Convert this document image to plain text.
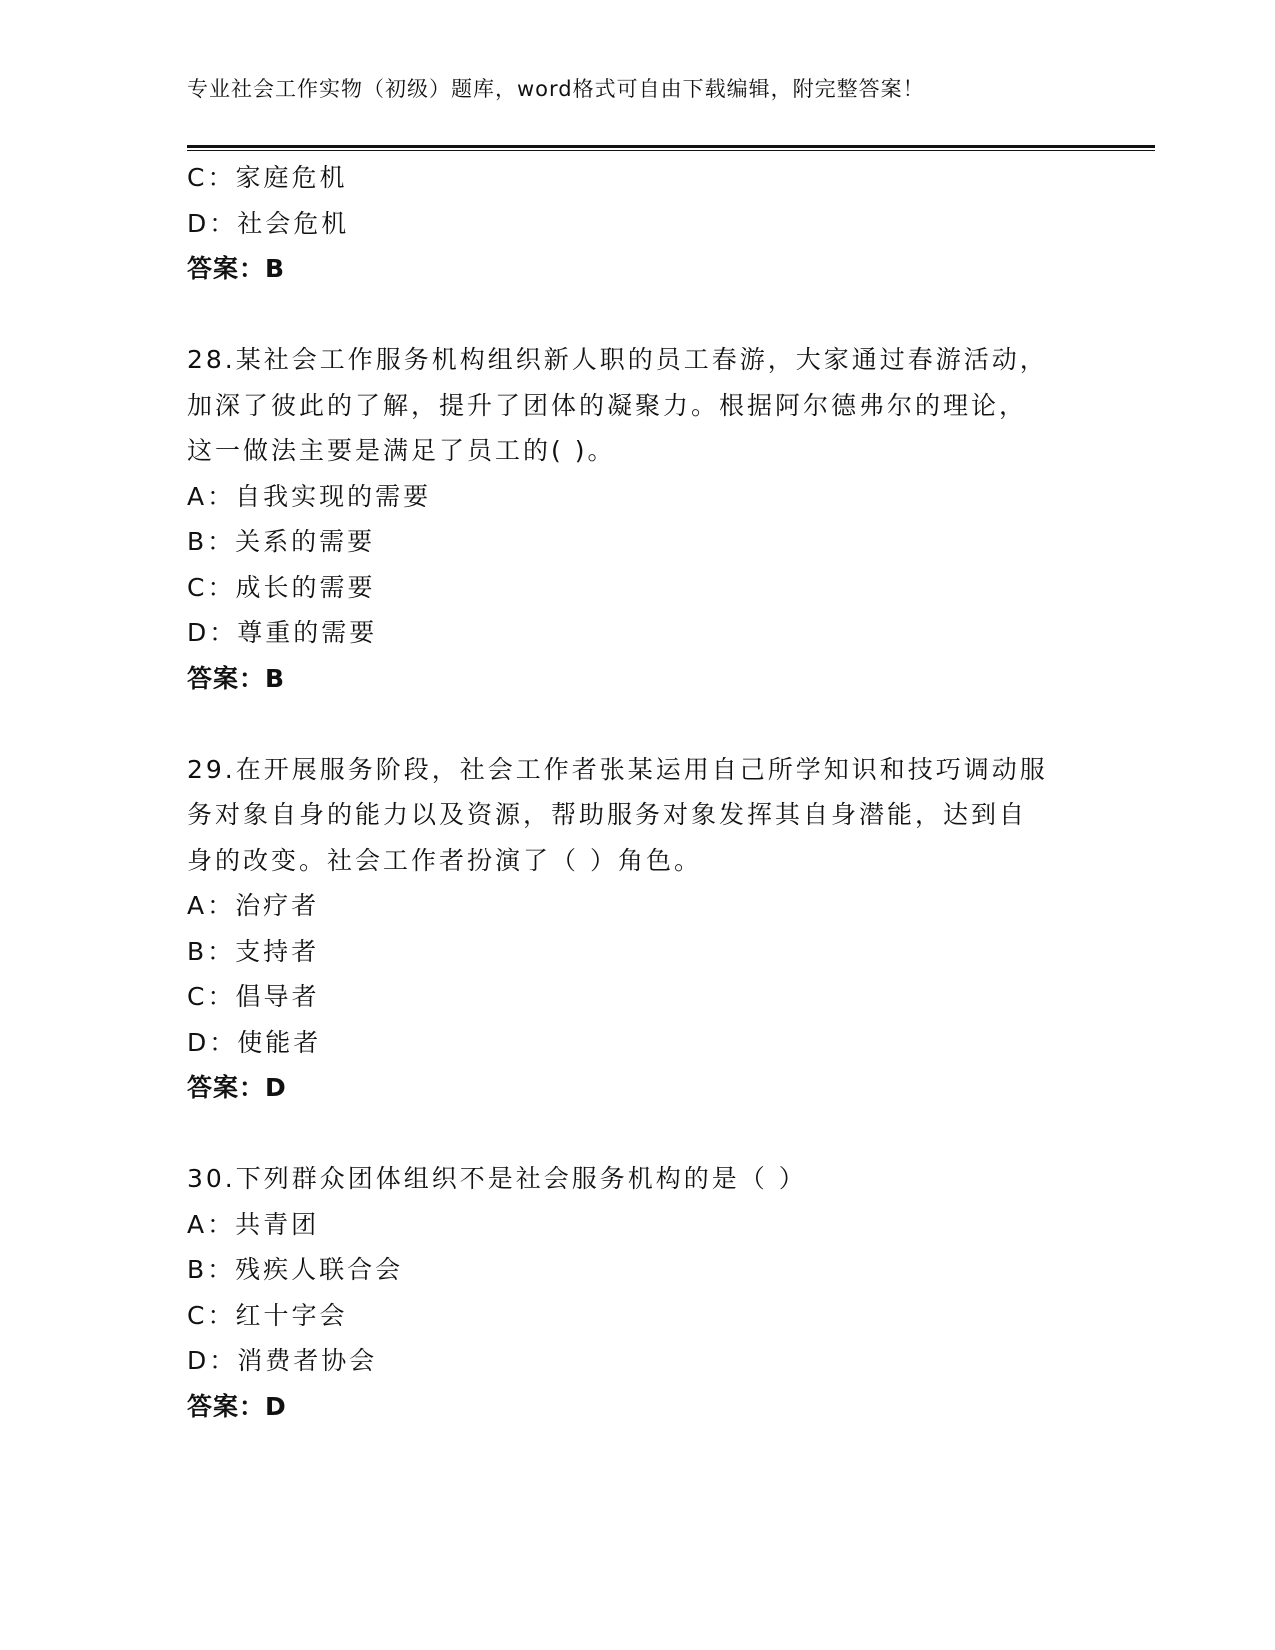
专业社会工作实物（初级）题库，word格式可自由下载编辑，附完整答案！
C：家庭危机
D：社会危机
答案：B
28.某社会工作服务机构组织新人职的员工春游，大家通过春游活动，
加深了彼此的了解，提升了团体的凝聚力。根据阿尔德弗尔的理论，
这一做法主要是满足了员工的( )。
A：自我实现的需要
B：关系的需要
C：成长的需要
D：尊重的需要
答案：B
29.在开展服务阶段，社会工作者张某运用自己所学知识和技巧调动服
务对象自身的能力以及资源，帮助服务对象发挥其自身潜能，达到自
身的改变。社会工作者扮演了（ ）角色。
A：治疗者
B：支持者
C：倡导者
D：使能者
答案：D
30.下列群众团体组织不是社会服务机构的是（ ）
A：共青团
B：残疾人联合会
C：红十字会
D：消费者协会
答案：D
